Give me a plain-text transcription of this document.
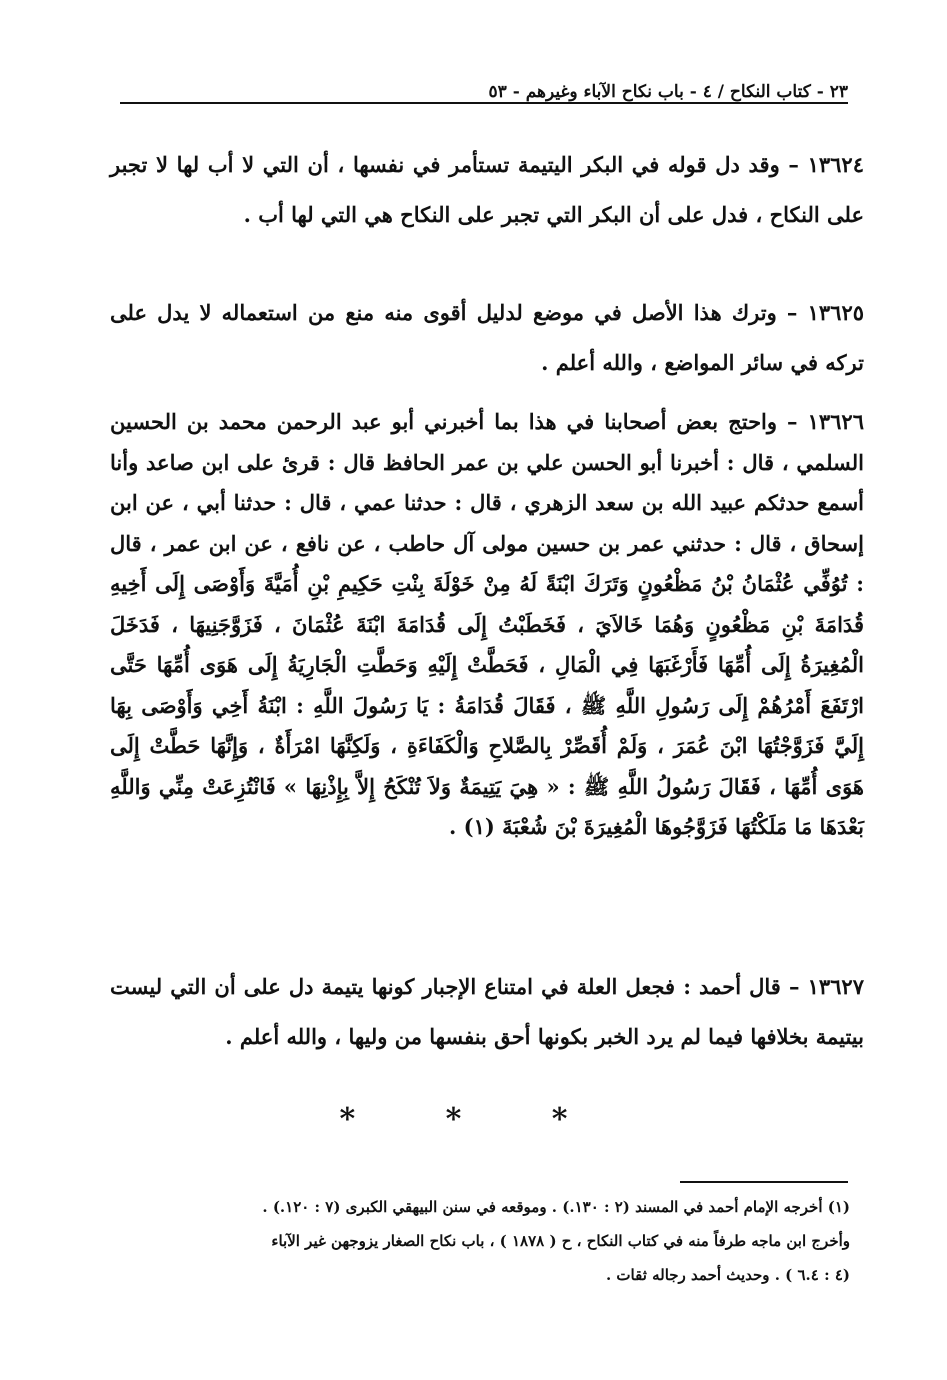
٢٣ - كتاب النكاح / ٤ - باب نكاح الآباء وغيرهم - ٥٣

١٣٦٢٤ – وقد دل قوله في البكر اليتيمة تستأمر في نفسها ، أن التي لا أب لها لا تجبر على النكاح ، فدل على أن البكر التي تجبر على النكاح هي التي لها أب .

١٣٦٢٥ – وترك هذا الأصل في موضع لدليل أقوى منه منع من استعماله لا يدل على تركه في سائر المواضع ، والله أعلم .

١٣٦٢٦ – واحتج بعض أصحابنا في هذا بما أخبرني أبو عبد الرحمن محمد بن الحسين السلمي ، قال : أخبرنا أبو الحسن علي بن عمر الحافظ قال : قرئ على ابن صاعد وأنا أسمع حدثكم عبيد الله بن سعد الزهري ، قال : حدثنا عمي ، قال : حدثنا أبي ، عن ابن إسحاق ، قال : حدثني عمر بن حسين مولى آل حاطب ، عن نافع ، عن ابن عمر ، قال : تُوُفِّي عُثْمَانُ بْنُ مَظْعُونٍ وَتَرَكَ ابْنَةً لَهُ مِنْ خَوْلَةَ بِنْتِ حَكِيمِ بْنِ أُمَيَّةَ وَأَوْصَى إِلَى أَخِيهِ قُدَامَةَ بْنِ مَظْعُونٍ وَهُمَا خَالاَيَ ، فَخَطَبْتُ إِلَى قُدَامَةَ ابْنَةَ عُثْمَانَ ، فَزَوَّجَنِيهَا ، فَدَخَلَ الْمُغِيرَةُ إِلَى أُمِّهَا فَأَرْغَبَهَا فِي الْمَالِ ، فَحَطَّتْ إِلَيْهِ وَحَطَّتِ الْجَارِيَةُ إِلَى هَوَى أُمِّهَا حَتَّى ارْتَفَعَ أَمْرُهُمْ إِلَى رَسُولِ اللَّهِ ﷺ ، فَقَالَ قُدَامَةُ : يَا رَسُولَ اللَّهِ : ابْنَةُ أَخِي وَأَوْصَى بِهَا إِلَيَّ فَزَوَّجْتُهَا ابْنَ عُمَرَ ، وَلَمْ أُقَصِّرْ بِالصَّلاحِ وَالْكَفَاءَةِ ، وَلَكِنَّهَا امْرَأَةٌ ، وَإِنَّهَا حَطَّتْ إِلَى هَوَى أُمِّهَا ، فَقَالَ رَسُولُ اللَّهِ ﷺ : « هِيَ يَتِيمَةٌ وَلاَ تُنْكَحُ إِلاَّ بِإِذْنِهَا » فَانْتُزِعَتْ مِنِّي وَاللَّهِ بَعْدَهَا مَا مَلَكْتُهَا فَزَوَّجُوهَا الْمُغِيرَةَ بْنَ شُعْبَةَ (١) .

١٣٦٢٧ – قال أحمد : فجعل العلة في امتناع الإجبار كونها يتيمة دل على أن التي ليست بيتيمة بخلافها فيما لم يرد الخبر بكونها أحق بنفسها من وليها ، والله أعلم .

* * *

(١) أخرجه الإمام أحمد في المسند (٢ : ١٣٠.) . وموقعه في سنن البيهقي الكبرى (٧ : ١٢٠.) .
وأخرج ابن ماجه طرفاً منه في كتاب النكاح ، ح ( ١٨٧٨ ) ، باب نكاح الصغار يزوجهن غير الآباء
(٤ : ٦.٤ ) . وحديث أحمد رجاله ثقات .
